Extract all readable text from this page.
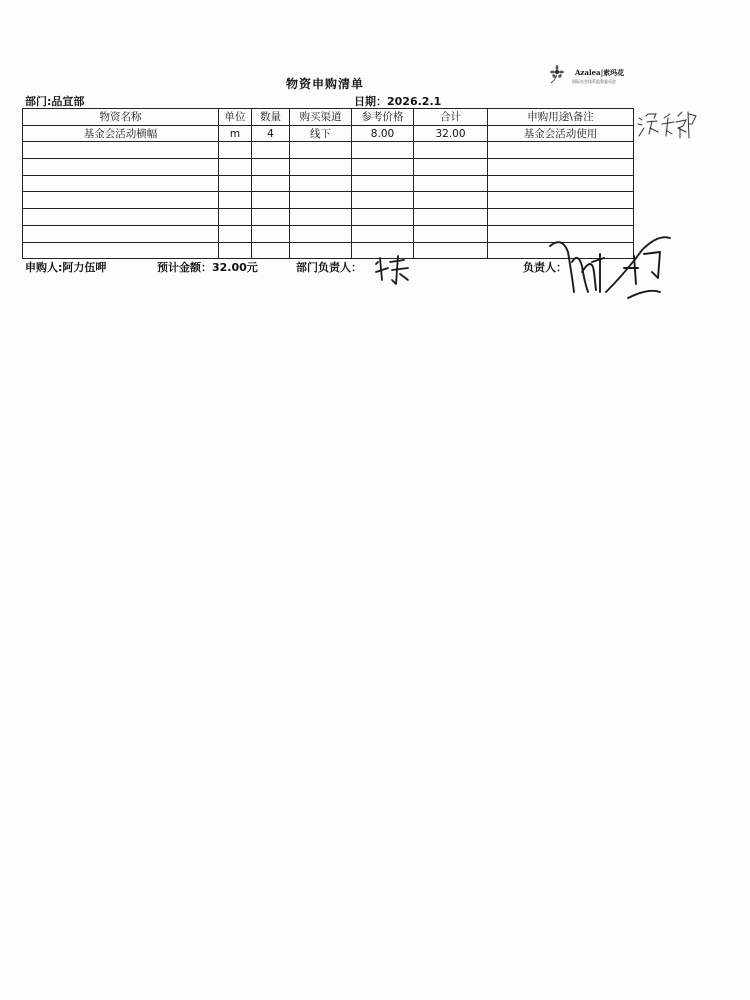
物资申购清单
Azalea|索玛花
国际社会体系监督委员会
部门:品宣部	日期：2026.2.1
物资名称	单位	数量	购买渠道	参考价格	合计	申购用途\备注
基金会活动横幅	m	4	线下	8.00	32.00	基金会活动使用

申购人:阿力伍呷	预计金额：32.00元	部门负责人：	负责人：
